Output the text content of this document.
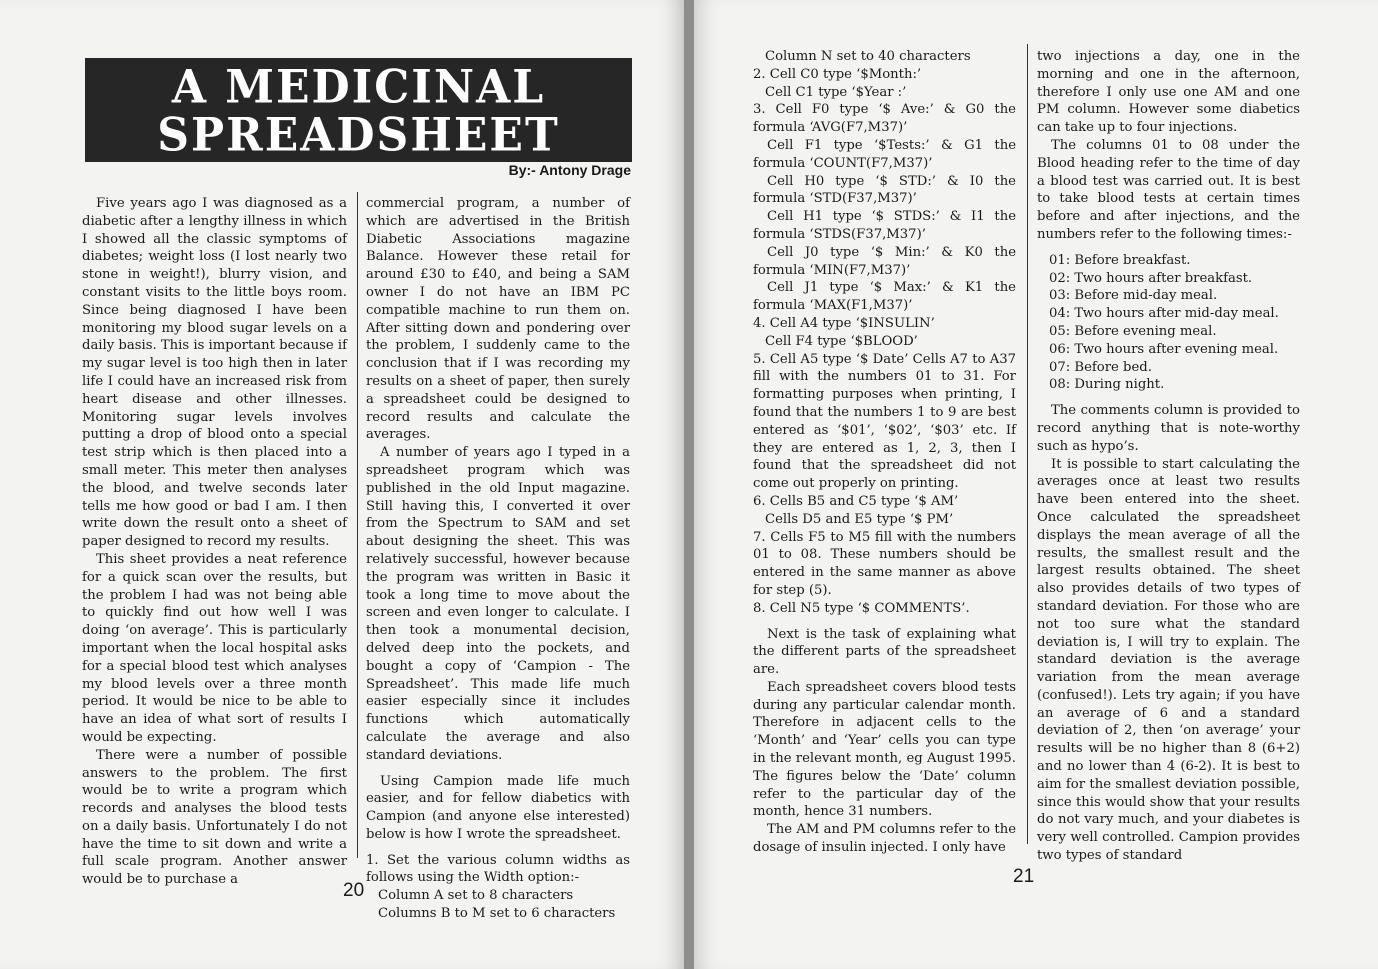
A MEDICINAL
SPREADSHEET
By:- Antony Drage

Five years ago I was diagnosed as a diabetic after a lengthy illness in which I showed all the classic symptoms of diabetes; weight loss (I lost nearly two stone in weight!), blurry vision, and constant visits to the little boys room. Since being diagnosed I have been monitoring my blood sugar levels on a daily basis. This is important because if my sugar level is too high then in later life I could have an increased risk from heart disease and other illnesses. Monitoring sugar levels involves putting a drop of blood onto a special test strip which is then placed into a small meter. This meter then analyses the blood, and twelve seconds later tells me how good or bad I am. I then write down the result onto a sheet of paper designed to record my results.

This sheet provides a neat reference for a quick scan over the results, but the problem I had was not being able to quickly find out how well I was doing ‘on average’. This is particularly important when the local hospital asks for a special blood test which analyses my blood levels over a three month period. It would be nice to be able to have an idea of what sort of results I would be expecting.

There were a number of possible answers to the problem. The first would be to write a program which records and analyses the blood tests on a daily basis. Unfortunately I do not have the time to sit down and write a full scale program. Another answer would be to purchase a

commercial program, a number of which are advertised in the British Diabetic Associations magazine Balance. However these retail for around £30 to £40, and being a SAM owner I do not have an IBM PC compatible machine to run them on. After sitting down and pondering over the problem, I suddenly came to the conclusion that if I was recording my results on a sheet of paper, then surely a spreadsheet could be designed to record results and calculate the averages.

A number of years ago I typed in a spreadsheet program which was published in the old Input magazine. Still having this, I converted it over from the Spectrum to SAM and set about designing the sheet. This was relatively successful, however because the program was written in Basic it took a long time to move about the screen and even longer to calculate. I then took a monumental decision, delved deep into the pockets, and bought a copy of ‘Campion - The Spreadsheet’. This made life much easier especially since it includes functions which automatically calculate the average and also standard deviations.

Using Campion made life much easier, and for fellow diabetics with Campion (and anyone else interested) below is how I wrote the spreadsheet.

1. Set the various column widths as follows using the Width option:-

Column A set to 8 characters

Columns B to M set to 6 characters

20

Column N set to 40 characters

2. Cell C0 type ‘$Month:’

Cell C1 type ‘$Year :’

3. Cell F0 type ‘$ Ave:’ & G0 the formula ‘AVG(F7,M37)’

Cell F1 type ‘$Tests:’ & G1 the formula ‘COUNT(F7,M37)’

Cell H0 type ‘$ STD:’ & I0 the formula ‘STD(F37,M37)’

Cell H1 type ‘$ STDS:’ & I1 the formula ‘STDS(F37,M37)’

Cell J0 type ‘$ Min:’ & K0 the formula ‘MIN(F7,M37)’

Cell J1 type ‘$ Max:’ & K1 the formula ‘MAX(F1,M37)’

4. Cell A4 type ‘$INSULIN’

Cell F4 type ‘$BLOOD’

5. Cell A5 type ‘$ Date’ Cells A7 to A37 fill with the numbers 01 to 31. For formatting purposes when printing, I found that the numbers 1 to 9 are best entered as ‘$01’, ‘$02’, ‘$03’ etc. If they are entered as 1, 2, 3, then I found that the spreadsheet did not come out properly on printing.

6. Cells B5 and C5 type ‘$ AM’

Cells D5 and E5 type ‘$ PM’

7. Cells F5 to M5 fill with the numbers 01 to 08. These numbers should be entered in the same manner as above for step (5).

8. Cell N5 type ‘$ COMMENTS’.

Next is the task of explaining what the different parts of the spreadsheet are.

Each spreadsheet covers blood tests during any particular calendar month. Therefore in adjacent cells to the ‘Month’ and ‘Year’ cells you can type in the relevant month, eg August 1995. The figures below the ‘Date’ column refer to the particular day of the month, hence 31 numbers.

The AM and PM columns refer to the dosage of insulin injected. I only have

two injections a day, one in the morning and one in the afternoon, therefore I only use one AM and one PM column. However some diabetics can take up to four injections.

The columns 01 to 08 under the Blood heading refer to the time of day a blood test was carried out. It is best to take blood tests at certain times before and after injections, and the numbers refer to the following times:-

01: Before breakfast.

02: Two hours after breakfast.

03: Before mid-day meal.

04: Two hours after mid-day meal.

05: Before evening meal.

06: Two hours after evening meal.

07: Before bed.

08: During night.

The comments column is provided to record anything that is note-worthy such as hypo’s.

It is possible to start calculating the averages once at least two results have been entered into the sheet. Once calculated the spreadsheet displays the mean average of all the results, the smallest result and the largest results obtained. The sheet also provides details of two types of standard deviation. For those who are not too sure what the standard deviation is, I will try to explain. The standard deviation is the average variation from the mean average (confused!). Lets try again; if you have an average of 6 and a standard deviation of 2, then ‘on average’ your results will be no higher than 8 (6+2) and no lower than 4 (6-2). It is best to aim for the smallest deviation possible, since this would show that your results do not vary much, and your diabetes is very well controlled. Campion provides two types of standard

21
